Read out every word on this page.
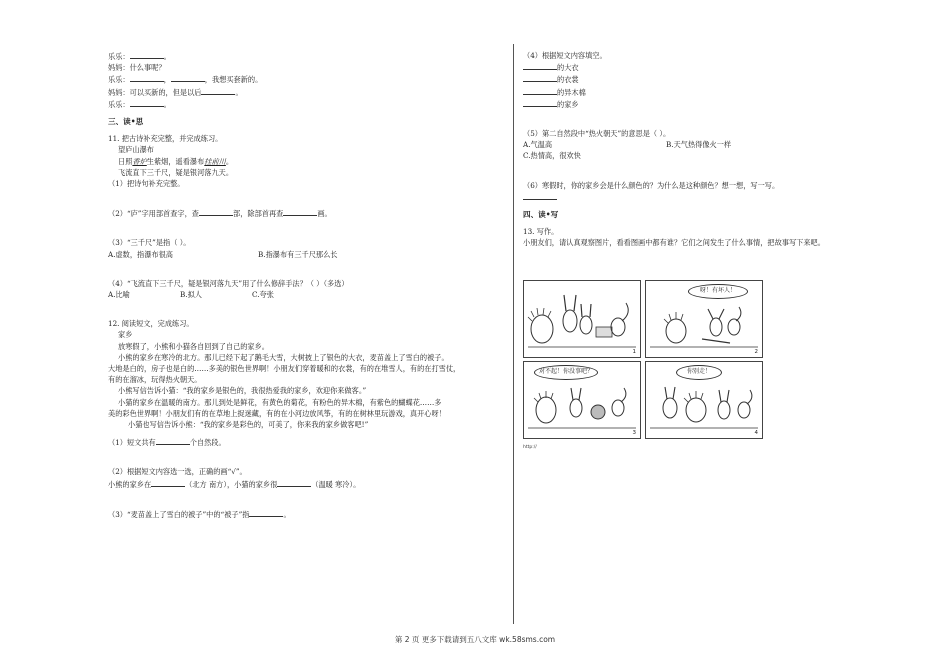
乐乐：	。
妈妈：什么事呢？
乐乐：	，	，我想买套新的。
妈妈：可以买新的，但是以后	。
乐乐：	。
三、读•思
11. 把古诗补充完整，并完成练习。
望庐山瀑布
日照香炉生紫烟，遥看瀑布挂前川。
飞流直下三千尺，疑是银河落九天。
（1）把诗句补充完整。
（2）“庐”字用部首查字，查	部，除部首再查	画。
（3）“三千尺”是指（ ）。
A.虚数，指瀑布很高	B.指瀑布有三千尺那么长
（4）“飞流直下三千尺，疑是银河落九天”用了什么修辞手法？（ ）（多选）
A.比喻	B.拟人	C.夸张
12. 阅读短文，完成练习。
家乡
放寒假了，小熊和小猫各自回到了自己的家乡。
小熊的家乡在寒冷的北方。那儿已经下起了鹅毛大雪，大树披上了银色的大衣，麦苗盖上了雪白的被子。
大地是白的，房子也是白的……多美的银色世界啊！小朋友们穿着暖和的衣裳，有的在堆雪人，有的在打雪仗，
有的在溜冰，玩得热火朝天。
小熊写信告诉小猫：“我的家乡是银色的，我很热爱我的家乡，欢迎你来做客。”
小猫的家乡在温暖的南方。那儿到处是鲜花，有黄色的菊花，有粉色的异木棉，有紫色的蝴蝶花……多
美的彩色世界啊！小朋友们有的在草地上捉迷藏，有的在小河边放风筝，有的在树林里玩游戏，真开心呀！
小猫也写信告诉小熊：“我的家乡是彩色的，可美了，你来我的家乡做客吧!”
（1）短文共有	个自然段。
（2）根据短文内容选一选，正确的画“√”。
小熊的家乡在	（北方 南方），小猫的家乡很	（温暖 寒冷）。
（3）“麦苗盖上了雪白的被子”中的“被子”指	。
（4）根据短文内容填空。
的大衣
的衣裳
的异木棉
的家乡
（5）第二自然段中“热火朝天”的意思是（ ）。
A.气温高	B.天气热得像火一样
C.热情高，很欢快
（6）寒假时，你的家乡会是什么颜色的？为什么是这种颜色？想一想，写一写。
四、读•写
13. 写作。
小朋友们，请认真观察图片，看看图画中都有谁？它们之间发生了什么事情，把故事写下来吧。
1
呀！有坏人！
2
对不起！你没事吧？
3
你别走！
4
http://
第 2 页 更多下载请到五八文库 wk.58sms.com
